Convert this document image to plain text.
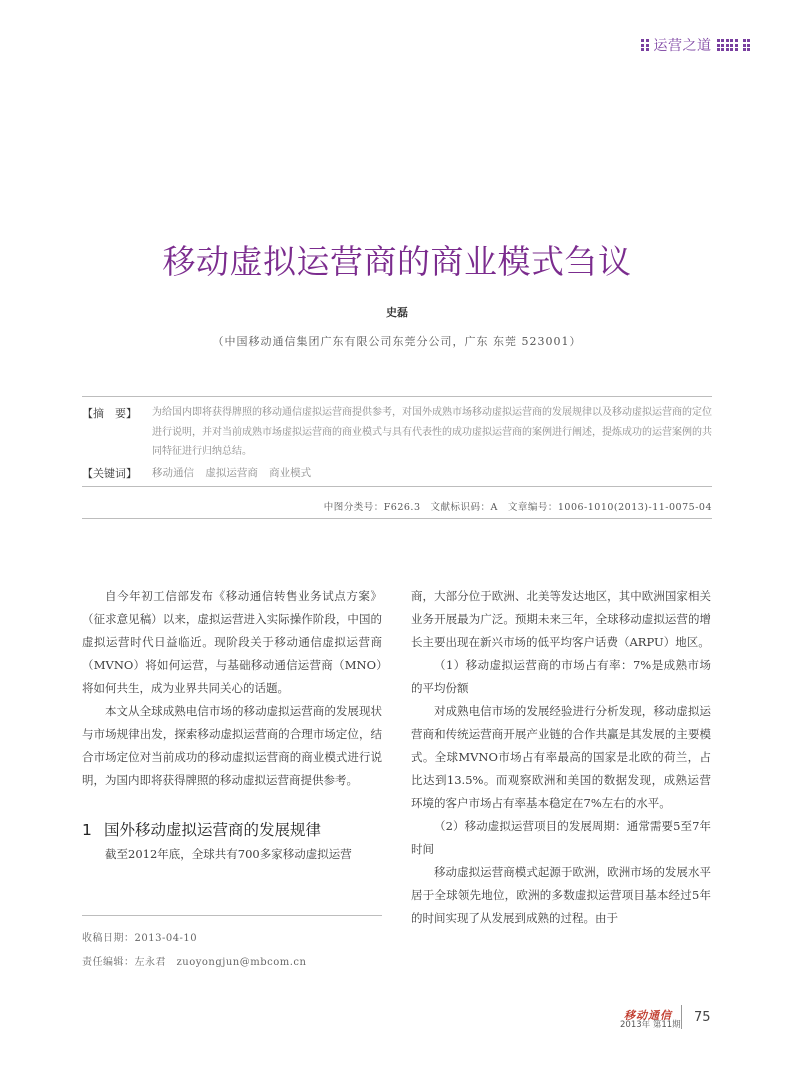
运营之道
移动虚拟运营商的商业模式刍议
史磊
（中国移动通信集团广东有限公司东莞分公司，广东 东莞 523001）
【摘　要】 为给国内即将获得牌照的移动通信虚拟运营商提供参考，对国外成熟市场移动虚拟运营商的发展规律以及移动虚拟运营商的定位进行说明，并对当前成熟市场虚拟运营商的商业模式与具有代表性的成功虚拟运营商的案例进行阐述，提炼成功的运营案例的共同特征进行归纳总结。
【关键词】 移动通信 虚拟运营商 商业模式
中图分类号：F626.3　文献标识码：A　文章编号：1006-1010(2013)-11-0075-04

自今年初工信部发布《移动通信转售业务试点方案》（征求意见稿）以来，虚拟运营进入实际操作阶段，中国的虚拟运营时代日益临近。现阶段关于移动通信虚拟运营商（MVNO）将如何运营，与基础移动通信运营商（MNO）将如何共生，成为业界共同关心的话题。

本文从全球成熟电信市场的移动虚拟运营商的发展现状与市场规律出发，探索移动虚拟运营商的合理市场定位，结合市场定位对当前成功的移动虚拟运营商的商业模式进行说明，为国内即将获得牌照的移动虚拟运营商提供参考。

1 国外移动虚拟运营商的发展规律

截至2012年底，全球共有700多家移动虚拟运营

收稿日期：2013-04-10
责任编辑：左永君　zuoyongjun@mbcom.cn

商，大部分位于欧洲、北美等发达地区，其中欧洲国家相关业务开展最为广泛。预期未来三年，全球移动虚拟运营的增长主要出现在新兴市场的低平均客户话费（ARPU）地区。

（1）移动虚拟运营商的市场占有率：7%是成熟市场的平均份额

对成熟电信市场的发展经验进行分析发现，移动虚拟运营商和传统运营商开展产业链的合作共赢是其发展的主要模式。全球MVNO市场占有率最高的国家是北欧的荷兰，占比达到13.5%。而观察欧洲和美国的数据发现，成熟运营环境的客户市场占有率基本稳定在7%左右的水平。

（2）移动虚拟运营项目的发展周期：通常需要5至7年时间

移动虚拟运营商模式起源于欧洲，欧洲市场的发展水平居于全球领先地位，欧洲的多数虚拟运营项目基本经过5年的时间实现了从发展到成熟的过程。由于

移动通信
2013年 第11期 75
